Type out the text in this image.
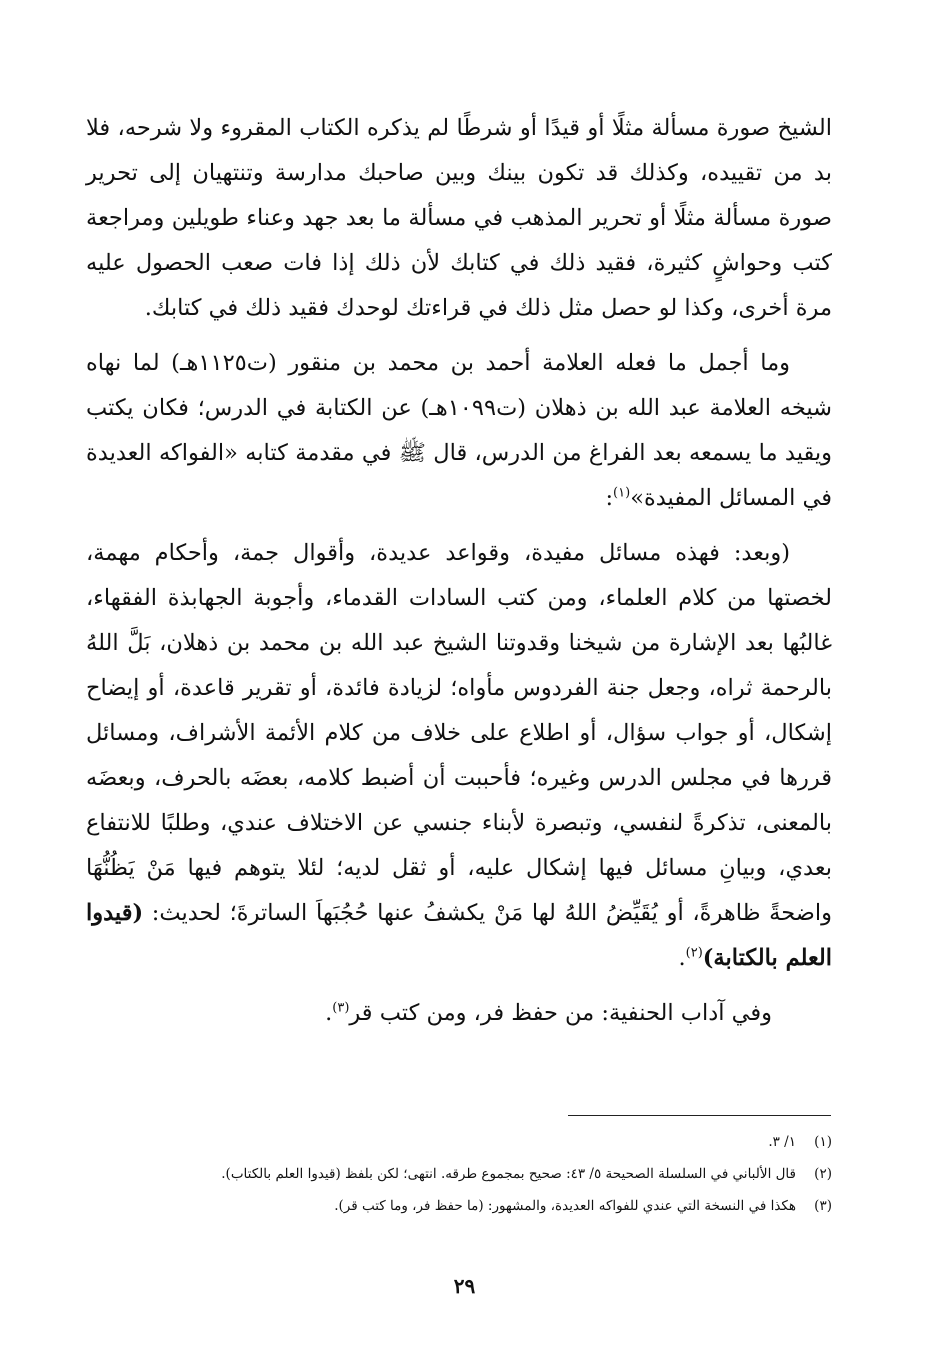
الشيخ صورة مسألة مثلًا أو قيدًا أو شرطًا لم يذكره الكتاب المقروء ولا شرحه، فلا بد من تقييده، وكذلك قد تكون بينك وبين صاحبك مدارسة وتنتهيان إلى تحرير صورة مسألة مثلًا أو تحرير المذهب في مسألة ما بعد جهد وعناء طويلين ومراجعة كتب وحواشٍ كثيرة، فقيد ذلك في كتابك لأن ذلك إذا فات صعب الحصول عليه مرة أخرى، وكذا لو حصل مثل ذلك في قراءتك لوحدك فقيد ذلك في كتابك.

وما أجمل ما فعله العلامة أحمد بن محمد بن منقور (ت١١٢٥هـ) لما نهاه شيخه العلامة عبد الله بن ذهلان (ت١٠٩٩هـ) عن الكتابة في الدرس؛ فكان يكتب ويقيد ما يسمعه بعد الفراغ من الدرس، قال ﷺ في مقدمة كتابه «الفواكه العديدة في المسائل المفيدة»$^{(١)}$:

(وبعد: فهذه مسائل مفيدة، وقواعد عديدة، وأقوال جمة، وأحكام مهمة، لخصتها من كلام العلماء، ومن كتب السادات القدماء، وأجوبة الجهابذة الفقهاء، غالبُها بعد الإشارة من شيخنا وقدوتنا الشيخ عبد الله بن محمد بن ذهلان، بَلَّ اللهُ بالرحمة ثراه، وجعل جنة الفردوس مأواه؛ لزيادة فائدة، أو تقرير قاعدة، أو إيضاح إشكال، أو جواب سؤال، أو اطلاع على خلاف من كلام الأئمة الأشراف، ومسائل قررها في مجلس الدرس وغيره؛ فأحببت أن أضبط كلامه، بعضَه بالحرف، وبعضَه بالمعنى، تذكرةً لنفسي، وتبصرة لأبناء جنسي عن الاختلاف عندي، وطلبًا للانتفاع بعدي، وبيانِ مسائل فيها إشكال عليه، أو ثقل لديه؛ لئلا يتوهم فيها مَنْ يَظُنُّهَا واضحةً ظاهرةً، أو يُقَيِّضُ اللهُ لها مَنْ يكشفُ عنها حُجُبَهاَ الساترةَ؛ لحديث: (قيدوا العلم بالكتابة)$^{(٢)}$.

وفي آداب الحنفية: من حفظ فر، ومن كتب قر$^{(٣)}$.

(١)
١/ ٣.
(٢)
قال الألباني في السلسلة الصحيحة ٥/ ٤٣: صحيح بمجموع طرقه. انتهى؛ لكن بلفظ (قيدوا العلم بالكتاب).
(٣)
هكذا في النسخة التي عندي للفواكه العديدة، والمشهور: (ما حفظ فر، وما كتب قر).
٢٩
